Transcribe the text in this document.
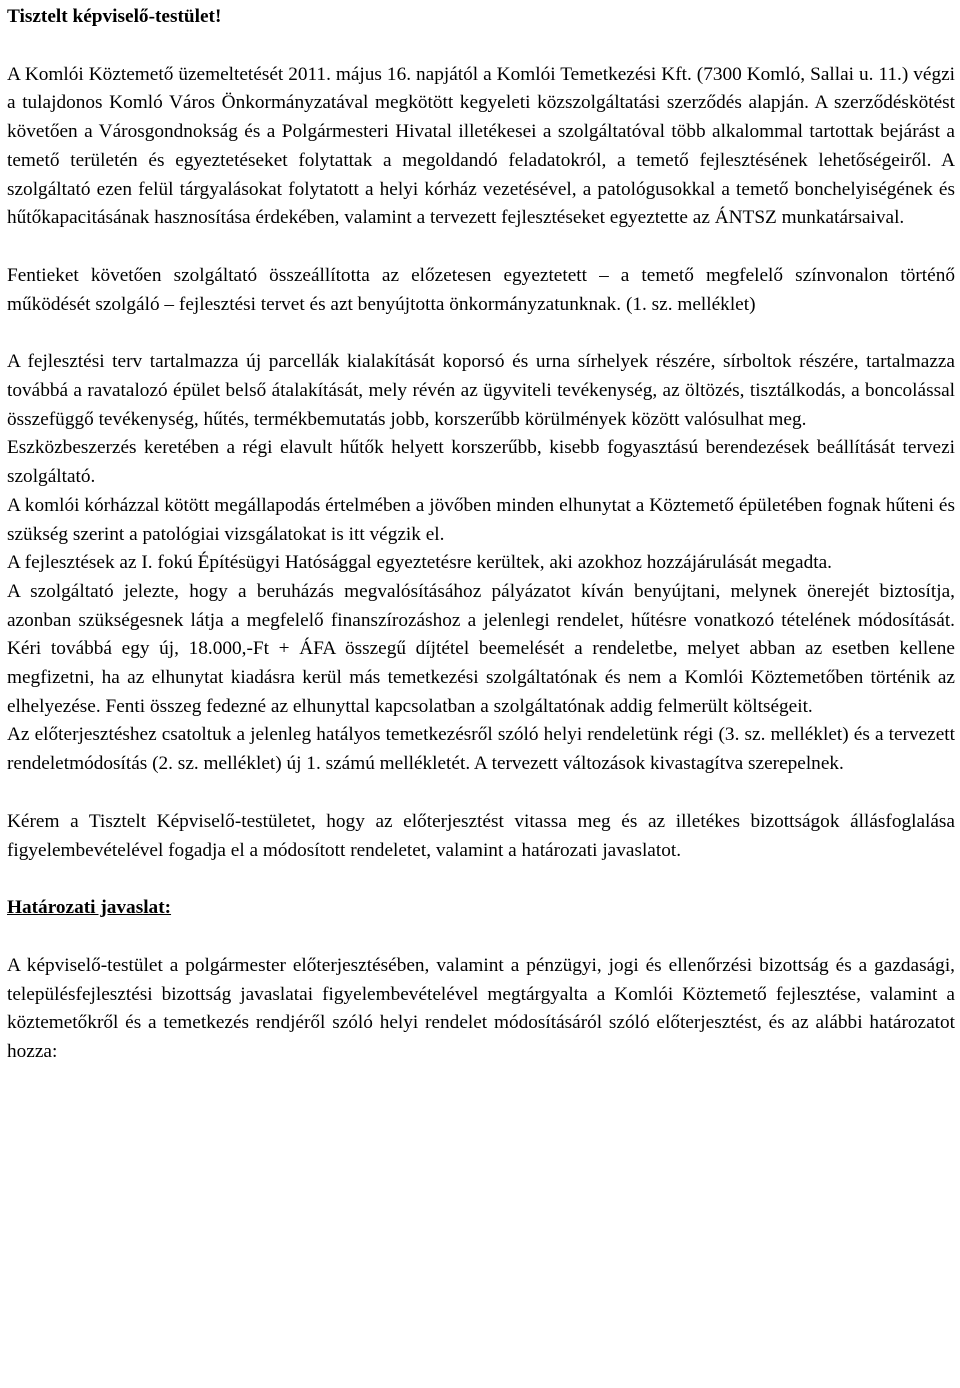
Tisztelt képviselő-testület!

A Komlói Köztemető üzemeltetését 2011. május 16. napjától a Komlói Temetkezési Kft. (7300 Komló, Sallai u. 11.) végzi a tulajdonos Komló Város Önkormányzatával megkötött kegyeleti közszolgáltatási szerződés alapján. A szerződéskötést követően a Városgondnokság és a Polgármesteri Hivatal illetékesei a szolgáltatóval több alkalommal tartottak bejárást a temető területén és egyeztetéseket folytattak a megoldandó feladatokról, a temető fejlesztésének lehetőségeiről. A szolgáltató ezen felül tárgyalásokat folytatott a helyi kórház vezetésével, a patológusokkal a temető bonchelyiségének és hűtőkapacitásának hasznosítása érdekében, valamint a tervezett fejlesztéseket egyeztette az ÁNTSZ munkatársaival.

Fentieket követően szolgáltató összeállította az előzetesen egyeztetett – a temető megfelelő színvonalon történő működését szolgáló – fejlesztési tervet és azt benyújtotta önkormányzatunknak. (1. sz. melléklet)

A fejlesztési terv tartalmazza új parcellák kialakítását koporsó és urna sírhelyek részére, sírboltok részére, tartalmazza továbbá a ravatalozó épület belső átalakítását, mely révén az ügyviteli tevékenység, az öltözés, tisztálkodás, a boncolással összefüggő tevékenység, hűtés, termékbemutatás jobb, korszerűbb körülmények között valósulhat meg.

Eszközbeszerzés keretében a régi elavult hűtők helyett korszerűbb, kisebb fogyasztású berendezések beállítását tervezi szolgáltató.

A komlói kórházzal kötött megállapodás értelmében a jövőben minden elhunytat a Köztemető épületében fognak hűteni és szükség szerint a patológiai vizsgálatokat is itt végzik el.

A fejlesztések az I. fokú Építésügyi Hatósággal egyeztetésre kerültek, aki azokhoz hozzájárulását megadta.

A szolgáltató jelezte, hogy a beruházás megvalósításához pályázatot kíván benyújtani, melynek önerejét biztosítja, azonban szükségesnek látja a megfelelő finanszírozáshoz a jelenlegi rendelet, hűtésre vonatkozó tételének módosítását. Kéri továbbá egy új, 18.000,-Ft + ÁFA összegű díjtétel beemelését a rendeletbe, melyet abban az esetben kellene megfizetni, ha az elhunytat kiadásra kerül más temetkezési szolgáltatónak és nem a Komlói Köztemetőben történik az elhelyezése. Fenti összeg fedezné az elhunyttal kapcsolatban a szolgáltatónak addig felmerült költségeit.

Az előterjesztéshez csatoltuk a jelenleg hatályos temetkezésről szóló helyi rendeletünk régi (3. sz. melléklet) és a tervezett rendeletmódosítás (2. sz. melléklet) új 1. számú mellékletét. A tervezett változások kivastagítva szerepelnek.

Kérem a Tisztelt Képviselő-testületet, hogy az előterjesztést vitassa meg és az illetékes bizottságok állásfoglalása figyelembevételével fogadja el a módosított rendeletet, valamint a határozati javaslatot.

Határozati javaslat:

A képviselő-testület a polgármester előterjesztésében, valamint a pénzügyi, jogi és ellenőrzési bizottság és a gazdasági, településfejlesztési bizottság javaslatai figyelembevételével megtárgyalta a Komlói Köztemető fejlesztése, valamint a köztemetőkről és a temetkezés rendjéről szóló helyi rendelet módosításáról szóló előterjesztést, és az alábbi határozatot hozza:
